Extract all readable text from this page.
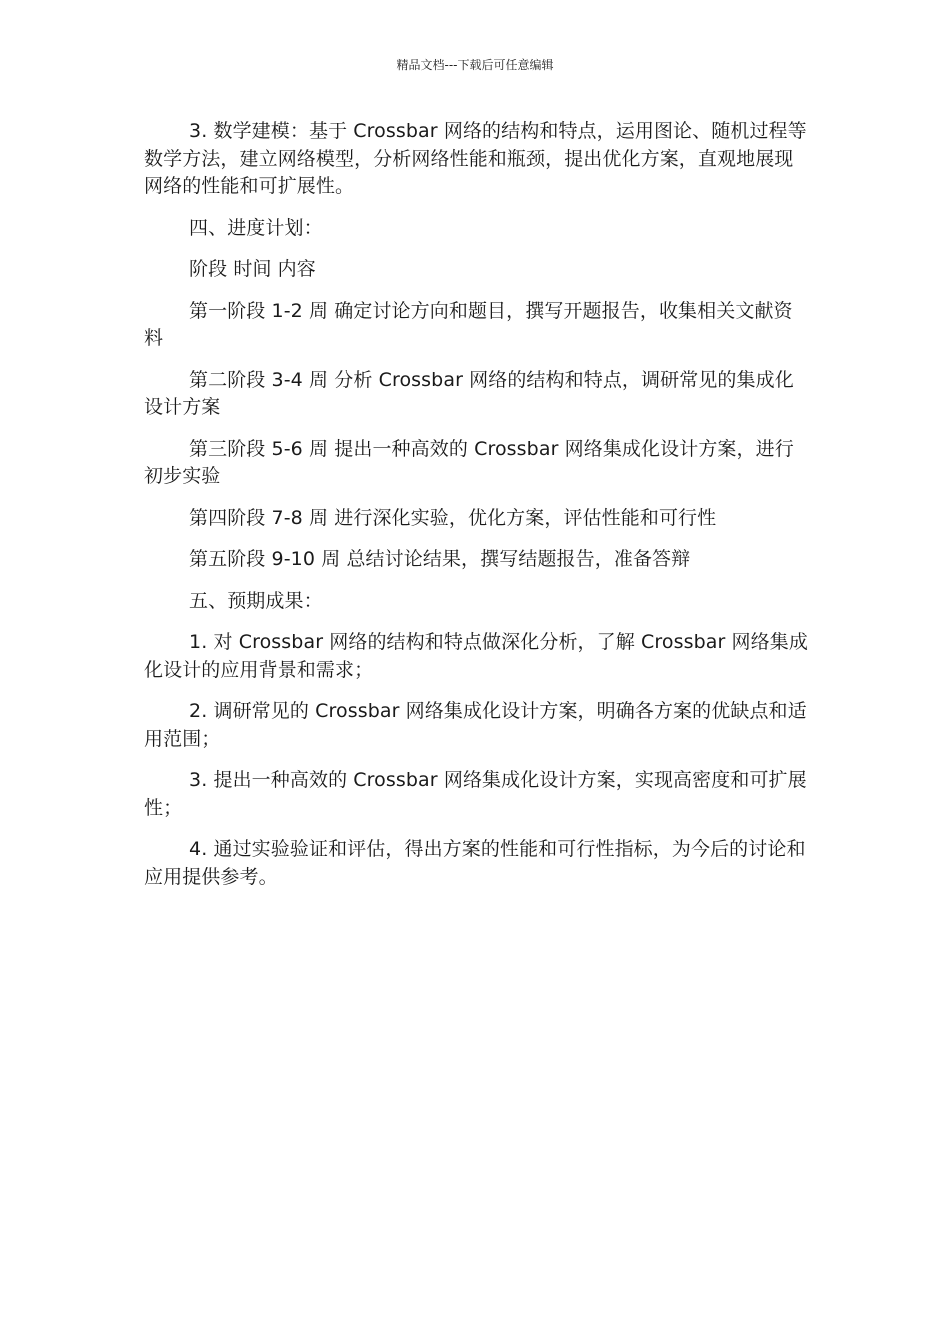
精品文档---下载后可任意编辑

3. 数学建模：基于 Crossbar 网络的结构和特点，运用图论、随机过程等数学方法，建立网络模型，分析网络性能和瓶颈，提出优化方案，直观地展现网络的性能和可扩展性。

四、进度计划：

阶段 时间 内容

第一阶段 1-2 周 确定讨论方向和题目，撰写开题报告，收集相关文献资料

第二阶段 3-4 周 分析 Crossbar 网络的结构和特点，调研常见的集成化设计方案

第三阶段 5-6 周 提出一种高效的 Crossbar 网络集成化设计方案，进行初步实验

第四阶段 7-8 周 进行深化实验，优化方案，评估性能和可行性

第五阶段 9-10 周 总结讨论结果，撰写结题报告，准备答辩

五、预期成果：

1. 对 Crossbar 网络的结构和特点做深化分析，了解 Crossbar 网络集成化设计的应用背景和需求；

2. 调研常见的 Crossbar 网络集成化设计方案，明确各方案的优缺点和适用范围；

3. 提出一种高效的 Crossbar 网络集成化设计方案，实现高密度和可扩展性；

4. 通过实验验证和评估，得出方案的性能和可行性指标，为今后的讨论和应用提供参考。
